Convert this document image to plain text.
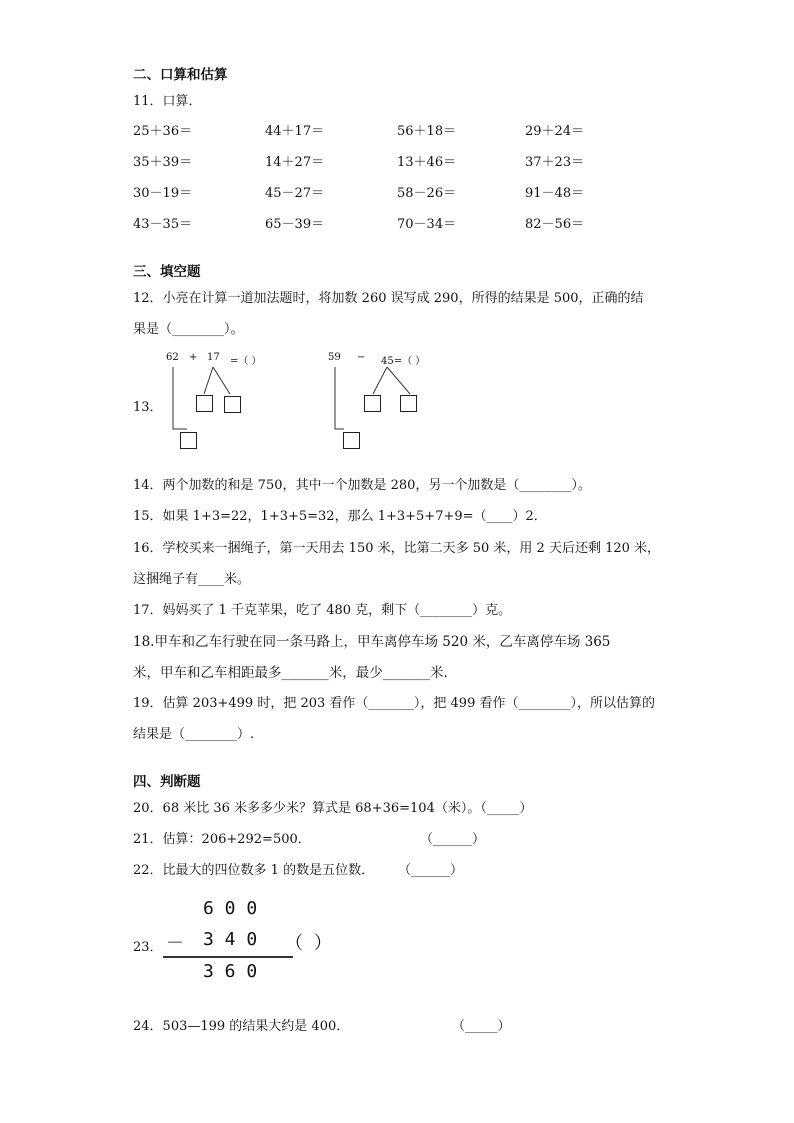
二、口算和估算
11．口算．
25＋36＝	44＋17＝	56＋18＝	29＋24＝
35＋39＝	14＋27＝	13＋46＝	37＋23＝
30－19＝	45－27＝	58－26＝	91－48＝
43－35＝	65－39＝	70－34＝	82－56＝
三、填空题
12．小亮在计算一道加法题时，将加数 260 误写成 290，所得的结果是 500，正确的结
果是（________）。
13．
62 + 17 =（ ）	59 − 45=（ ）
14．两个加数的和是 750，其中一个加数是 280，另一个加数是（________）。
15．如果 1+3=22，1+3+5=32，那么 1+3+5+7+9=（____）2．
16．学校买来一捆绳子，第一天用去 150 米，比第二天多 50 米，用 2 天后还剩 120 米，
这捆绳子有____米。
17．妈妈买了 1 千克苹果，吃了 480 克，剩下（________）克。
18.甲车和乙车行驶在同一条马路上，甲车离停车场 520 米，乙车离停车场 365
米，甲车和乙车相距最多_______米，最少_______米.
19．估算 203+499 时，把 203 看作（_______），把 499 看作（________），所以估算的
结果是（________）.
四、判断题
20．68 米比 36 米多多少米？算式是 68+36=104（米）。（_____）
21．估算：206+292=500．	（______）
22．比最大的四位数多 1 的数是五位数． （______）
23．
6 0 0
－ 3 4 0 （ ）
3 6 0
24．503—199 的结果大约是 400．	（_____）
